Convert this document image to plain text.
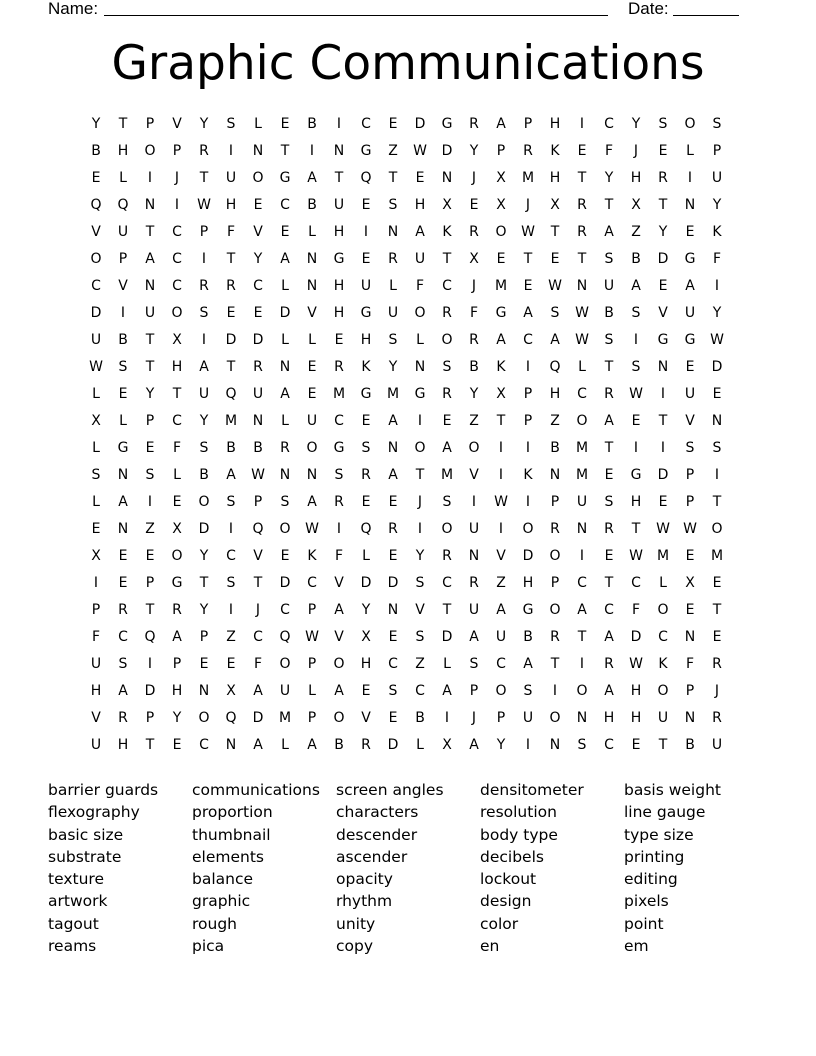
Name:	Date:
Graphic Communications
Y	T	P	V	Y	S	L	E	B	I	C	E	D	G	R	A	P	H	I	C	Y	S	O	S
B	H	O	P	R	I	N	T	I	N	G	Z	W	D	Y	P	R	K	E	F	J	E	L	P
E	L	I	J	T	U	O	G	A	T	Q	T	E	N	J	X	M	H	T	Y	H	R	I	U
Q	Q	N	I	W	H	E	C	B	U	E	S	H	X	E	X	J	X	R	T	X	T	N	Y
V	U	T	C	P	F	V	E	L	H	I	N	A	K	R	O	W	T	R	A	Z	Y	E	K
O	P	A	C	I	T	Y	A	N	G	E	R	U	T	X	E	T	E	T	S	B	D	G	F
C	V	N	C	R	R	C	L	N	H	U	L	F	C	J	M	E	W	N	U	A	E	A	I
D	I	U	O	S	E	E	D	V	H	G	U	O	R	F	G	A	S	W	B	S	V	U	Y
U	B	T	X	I	D	D	L	L	E	H	S	L	O	R	A	C	A	W	S	I	G	G	W
W	S	T	H	A	T	R	N	E	R	K	Y	N	S	B	K	I	Q	L	T	S	N	E	D
L	E	Y	T	U	Q	U	A	E	M	G	M	G	R	Y	X	P	H	C	R	W	I	U	E
X	L	P	C	Y	M	N	L	U	C	E	A	I	E	Z	T	P	Z	O	A	E	T	V	N
L	G	E	F	S	B	B	R	O	G	S	N	O	A	O	I	I	B	M	T	I	I	S	S
S	N	S	L	B	A	W	N	N	S	R	A	T	M	V	I	K	N	M	E	G	D	P	I
L	A	I	E	O	S	P	S	A	R	E	E	J	S	I	W	I	P	U	S	H	E	P	T
E	N	Z	X	D	I	Q	O	W	I	Q	R	I	O	U	I	O	R	N	R	T	W W	O
X	E	E	O	Y	C	V	E	K	F	L	E	Y	R	N	V	D	O	I	E	W	M	E	M
I	E	P	G	T	S	T	D	C	V	D	D	S	C	R	Z	H	P	C	T	C	L	X	E
P	R	T	R	Y	I	J	C	P	A	Y	N	V	T	U	A	G	O	A	C	F	O	E	T
F	C	Q	A	P	Z	C	Q	W	V	X	E	S	D	A	U	B	R	T	A	D	C	N	E
U	S	I	P	E	E	F	O	P	O	H	C	Z	L	S	C	A	T	I	R	W	K	F	R
H	A	D	H	N	X	A	U	L	A	E	S	C	A	P	O	S	I	O	A	H	O	P	J
V	R	P	Y	O	Q	D	M	P	O	V	E	B	I	J	P	U	O	N	H	H	U	N	R
U	H	T	E	C	N	A	L	A	B	R	D	L	X	A	Y	I	N	S	C	E	T	B	U
barrier guards
flexography
basic size
substrate
texture
artwork
tagout
reams
communications
proportion
thumbnail
elements
balance
graphic
rough
pica
screen angles
characters
descender
ascender
opacity
rhythm
unity
copy
densitometer
resolution
body type
decibels
lockout
design
color
en
basis weight
line gauge
type size
printing
editing
pixels
point
em
